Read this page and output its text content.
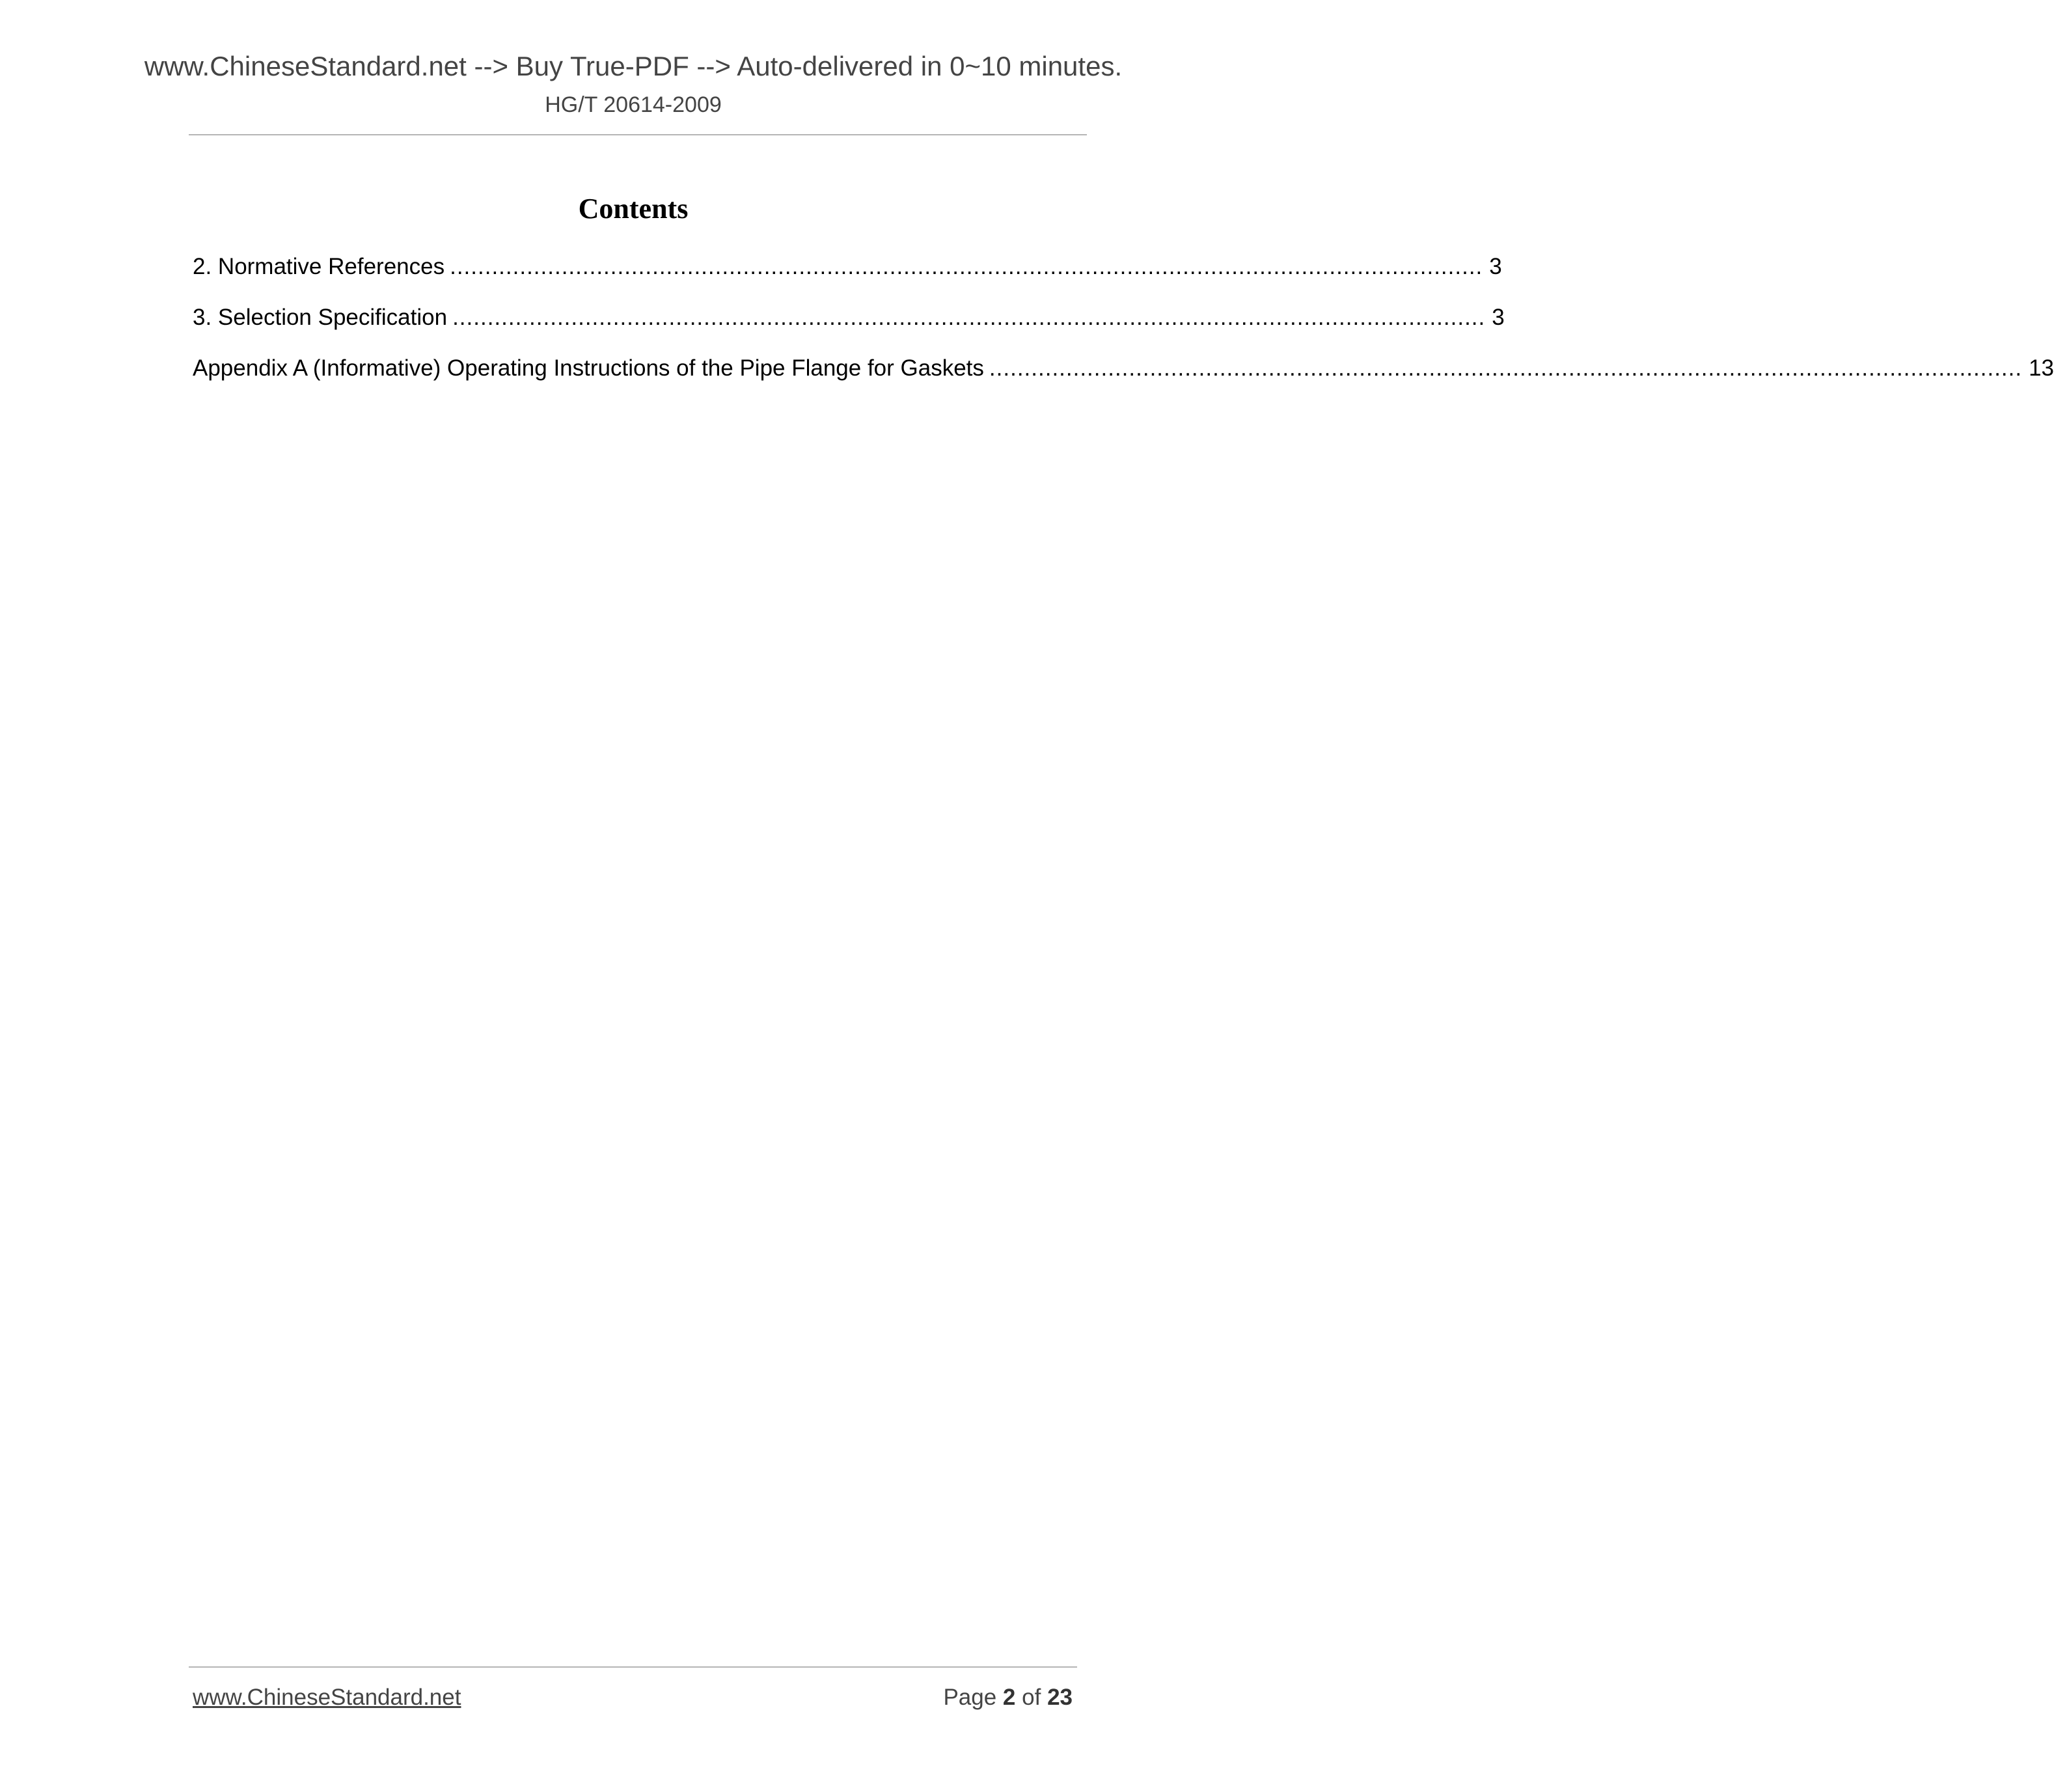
www.ChineseStandard.net --> Buy True-PDF --> Auto-delivered in 0~10 minutes.
HG/T 20614-2009
Contents
2. Normative References .................................................................................................................................................... 3
3. Selection Specification .................................................................................................................................................... 3
Appendix A (Informative) Operating Instructions of the Pipe Flange for Gaskets .................................................................................................................................................... 13
www.ChineseStandard.net	Page 2 of 23
